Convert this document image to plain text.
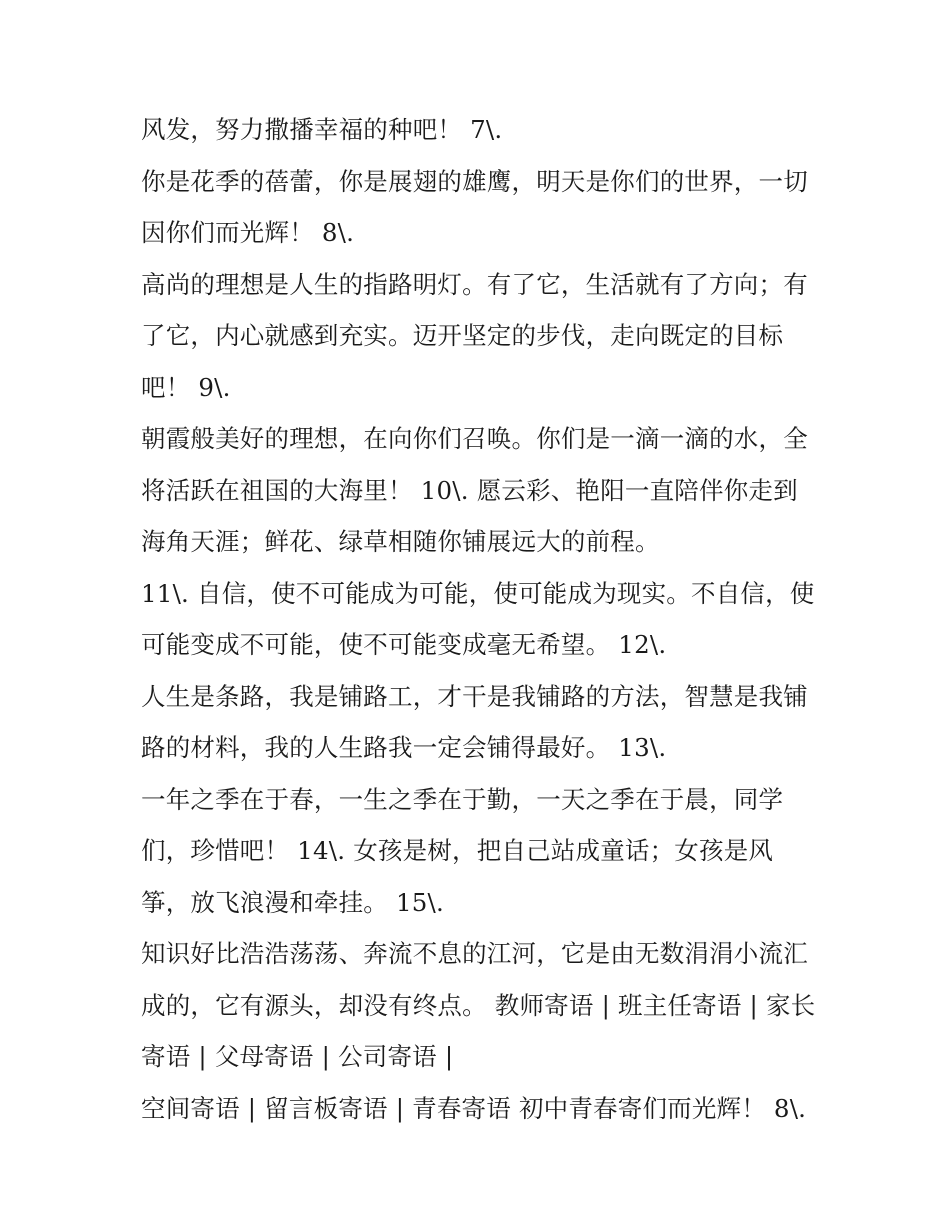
风发，努力撒播幸福的种吧！ 7\.
你是花季的蓓蕾，你是展翅的雄鹰，明天是你们的世界，一切
因你们而光辉！ 8\.
高尚的理想是人生的指路明灯。有了它，生活就有了方向；有
了它，内心就感到充实。迈开坚定的步伐，走向既定的目标
吧！ 9\.
朝霞般美好的理想，在向你们召唤。你们是一滴一滴的水，全
将活跃在祖国的大海里！ 10\. 愿云彩、艳阳一直陪伴你走到
海角天涯；鲜花、绿草相随你铺展远大的前程。
11\. 自信，使不可能成为可能，使可能成为现实。不自信，使
可能变成不可能，使不可能变成毫无希望。 12\.
人生是条路，我是铺路工，才干是我铺路的方法，智慧是我铺
路的材料，我的人生路我一定会铺得最好。 13\.
一年之季在于春，一生之季在于勤，一天之季在于晨，同学
们，珍惜吧！ 14\. 女孩是树，把自己站成童话；女孩是风
筝，放飞浪漫和牵挂。 15\.
知识好比浩浩荡荡、奔流不息的江河，它是由无数涓涓小流汇
成的，它有源头，却没有终点。 教师寄语 | 班主任寄语 | 家长
寄语 | 父母寄语 | 公司寄语 |
空间寄语 | 留言板寄语 | 青春寄语 初中青春寄们而光辉！ 8\.
